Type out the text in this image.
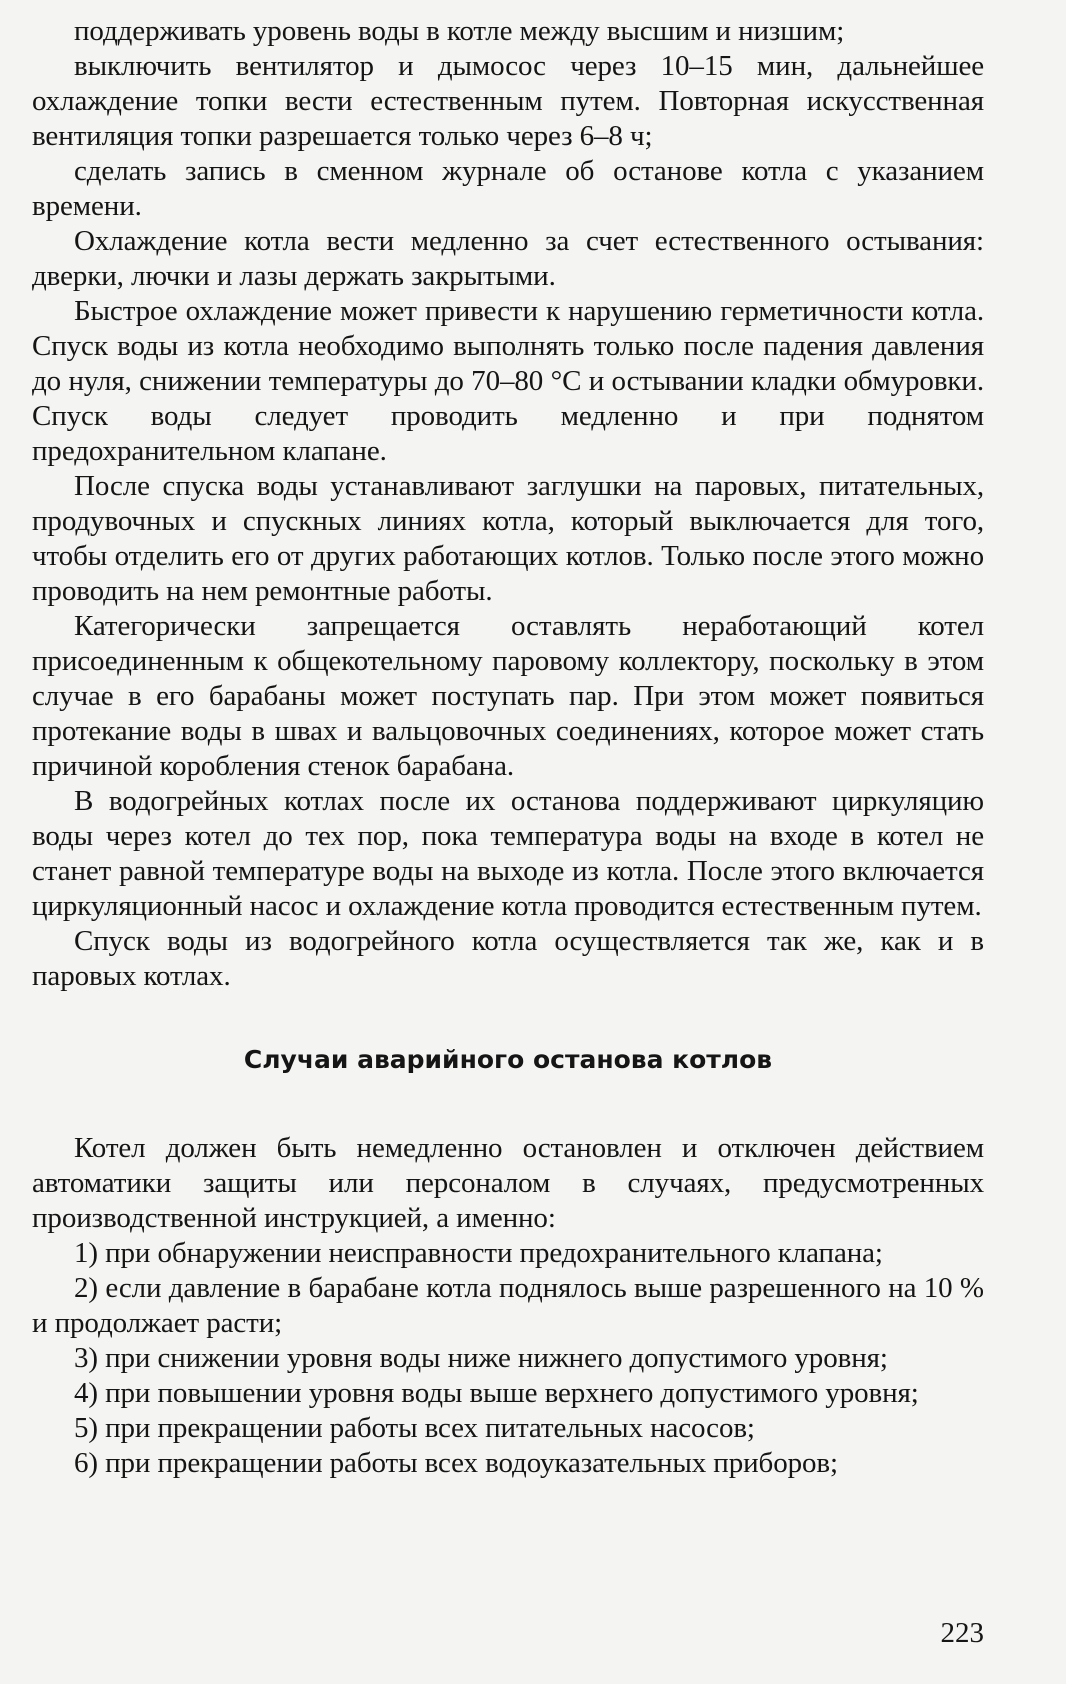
поддерживать уровень воды в котле между высшим и низшим;

выключить вентилятор и дымосос через 10–15 мин, дальнейшее охлаждение топки вести естественным путем. Повторная искусственная вентиляция топки разрешается только через 6–8 ч;

сделать запись в сменном журнале об останове котла с указанием времени.

Охлаждение котла вести медленно за счет естественного остывания: дверки, лючки и лазы держать закрытыми.

Быстрое охлаждение может привести к нарушению герметичности котла. Спуск воды из котла необходимо выполнять только после падения давления до нуля, снижении температуры до 70–80 °С и остывании кладки обмуровки. Спуск воды следует проводить медленно и при поднятом предохранительном клапане.

После спуска воды устанавливают заглушки на паровых, питательных, продувочных и спускных линиях котла, который выключается для того, чтобы отделить его от других работающих котлов. Только после этого можно проводить на нем ремонтные работы.

Категорически запрещается оставлять неработающий котел присоединенным к общекотельному паровому коллектору, поскольку в этом случае в его барабаны может поступать пар. При этом может появиться протекание воды в швах и вальцовочных соединениях, которое может стать причиной коробления стенок барабана.

В водогрейных котлах после их останова поддерживают циркуляцию воды через котел до тех пор, пока температура воды на входе в котел не станет равной температуре воды на выходе из котла. После этого включается циркуляционный насос и охлаждение котла проводится естественным путем.

Спуск воды из водогрейного котла осуществляется так же, как и в паровых котлах.

Случаи аварийного останова котлов

Котел должен быть немедленно остановлен и отключен действием автоматики защиты или персоналом в случаях, предусмотренных производственной инструкцией, а именно:

1) при обнаружении неисправности предохранительного клапана;

2) если давление в барабане котла поднялось выше разрешенного на 10 % и продолжает расти;

3) при снижении уровня воды ниже нижнего допустимого уровня;

4) при повышении уровня воды выше верхнего допустимого уровня;

5) при прекращении работы всех питательных насосов;

6) при прекращении работы всех водоуказательных приборов;

223
